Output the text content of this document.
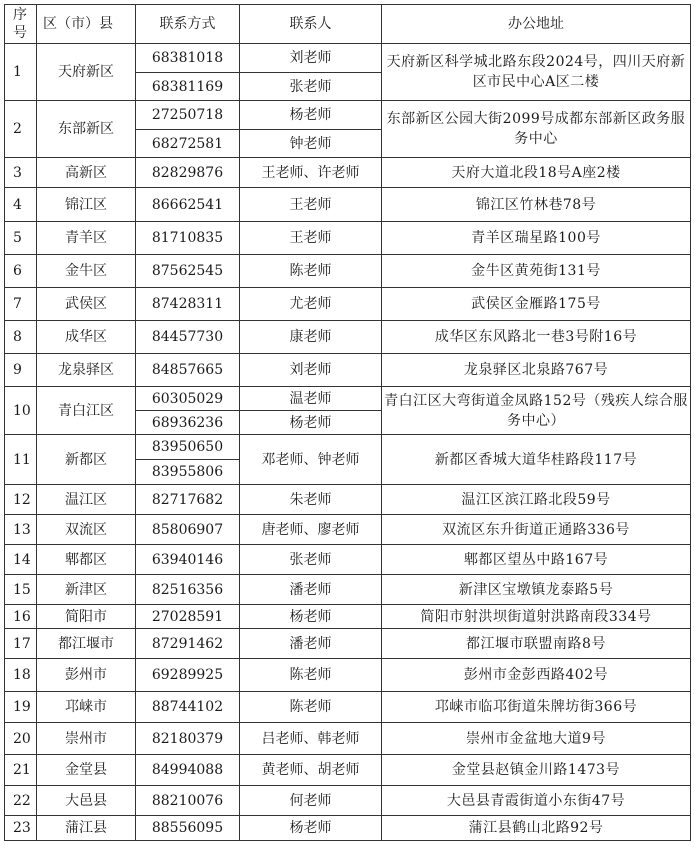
序号	区（市）县	联系方式	联系人	办公地址
1	天府新区	68381018	刘老师	天府新区科学城北路东段2024号，四川天府新区市民中心A区二楼
		68381169	张老师	
2	东部新区	27250718	杨老师	东部新区公园大街2099号成都东部新区政务服务中心
		68272581	钟老师	
3	高新区	82829876	王老师、许老师	天府大道北段18号A座2楼
4	锦江区	86662541	王老师	锦江区竹林巷78号
5	青羊区	81710835	王老师	青羊区瑞星路100号
6	金牛区	87562545	陈老师	金牛区黄苑街131号
7	武侯区	87428311	尤老师	武侯区金雁路175号
8	成华区	84457730	康老师	成华区东风路北一巷3号附16号
9	龙泉驿区	84857665	刘老师	龙泉驿区北泉路767号
10	青白江区	60305029	温老师	青白江区大弯街道金凤路152号（残疾人综合服务中心）
		68936236	杨老师	
11	新都区	83950650	邓老师、钟老师	新都区香城大道华桂路段117号
		83955806		
12	温江区	82717682	朱老师	温江区滨江路北段59号
13	双流区	85806907	唐老师、廖老师	双流区东升街道正通路336号
14	郫都区	63940146	张老师	郫都区望丛中路167号
15	新津区	82516356	潘老师	新津区宝墩镇龙泰路5号
16	简阳市	27028591	杨老师	简阳市射洪坝街道射洪路南段334号
17	都江堰市	87291462	潘老师	都江堰市联盟南路8号
18	彭州市	69289925	陈老师	彭州市金彭西路402号
19	邛崃市	88744102	陈老师	邛崃市临邛街道朱牌坊街366号
20	崇州市	82180379	吕老师、韩老师	崇州市金盆地大道9号
21	金堂县	84994088	黄老师、胡老师	金堂县赵镇金川路1473号
22	大邑县	88210076	何老师	大邑县青霞街道小东街47号
23	蒲江县	88556095	杨老师	蒲江县鹤山北路92号
